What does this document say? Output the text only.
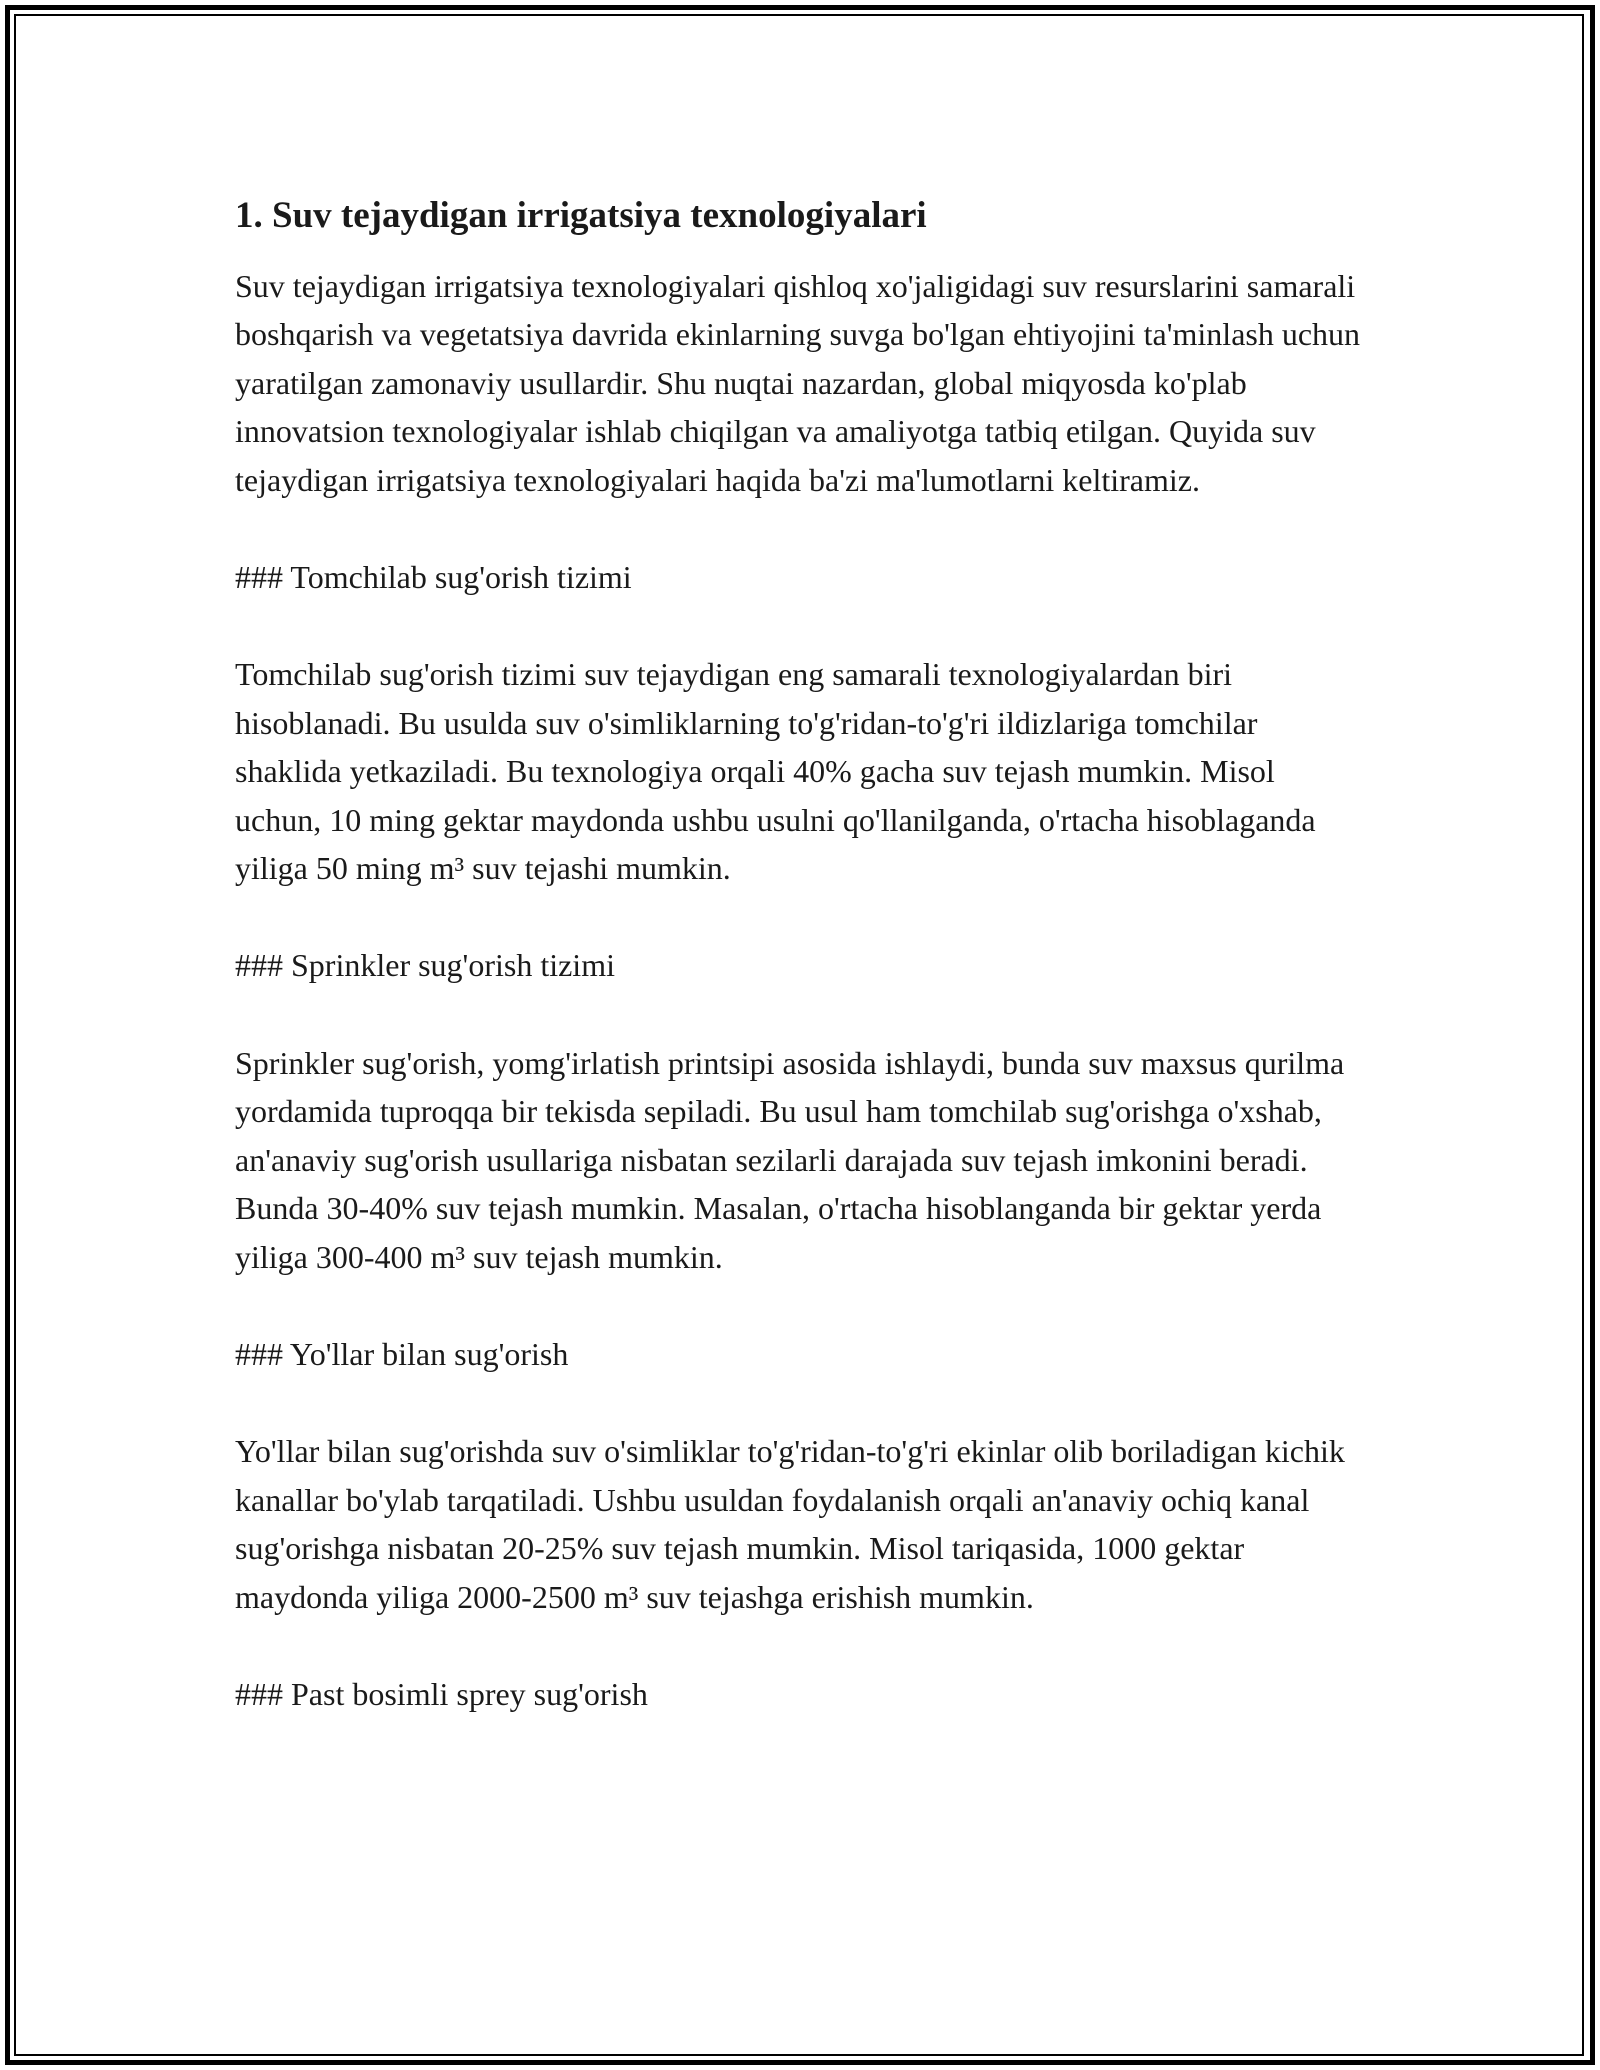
1. Suv tejaydigan irrigatsiya texnologiyalari

Suv tejaydigan irrigatsiya texnologiyalari qishloq xo'jaligidagi suv resurslarini samarali boshqarish va vegetatsiya davrida ekinlarning suvga bo'lgan ehtiyojini ta'minlash uchun yaratilgan zamonaviy usullardir. Shu nuqtai nazardan, global miqyosda ko'plab innovatsion texnologiyalar ishlab chiqilgan va amaliyotga tatbiq etilgan. Quyida suv tejaydigan irrigatsiya texnologiyalari haqida ba'zi ma'lumotlarni keltiramiz.

### Tomchilab sug'orish tizimi

Tomchilab sug'orish tizimi suv tejaydigan eng samarali texnologiyalardan biri hisoblanadi. Bu usulda suv o'simliklarning to'g'ridan-to'g'ri ildizlariga tomchilar shaklida yetkaziladi. Bu texnologiya orqali 40% gacha suv tejash mumkin. Misol uchun, 10 ming gektar maydonda ushbu usulni qo'llanilganda, o'rtacha hisoblaganda yiliga 50 ming m³ suv tejashi mumkin.

### Sprinkler sug'orish tizimi

Sprinkler sug'orish, yomg'irlatish printsipi asosida ishlaydi, bunda suv maxsus qurilma yordamida tuproqqa bir tekisda sepiladi. Bu usul ham tomchilab sug'orishga o'xshab, an'anaviy sug'orish usullariga nisbatan sezilarli darajada suv tejash imkonini beradi. Bunda 30-40% suv tejash mumkin. Masalan, o'rtacha hisoblanganda bir gektar yerda yiliga 300-400 m³ suv tejash mumkin.

### Yo'llar bilan sug'orish

Yo'llar bilan sug'orishda suv o'simliklar to'g'ridan-to'g'ri ekinlar olib boriladigan kichik kanallar bo'ylab tarqatiladi. Ushbu usuldan foydalanish orqali an'anaviy ochiq kanal sug'orishga nisbatan 20-25% suv tejash mumkin. Misol tariqasida, 1000 gektar maydonda yiliga 2000-2500 m³ suv tejashga erishish mumkin.

### Past bosimli sprey sug'orish
